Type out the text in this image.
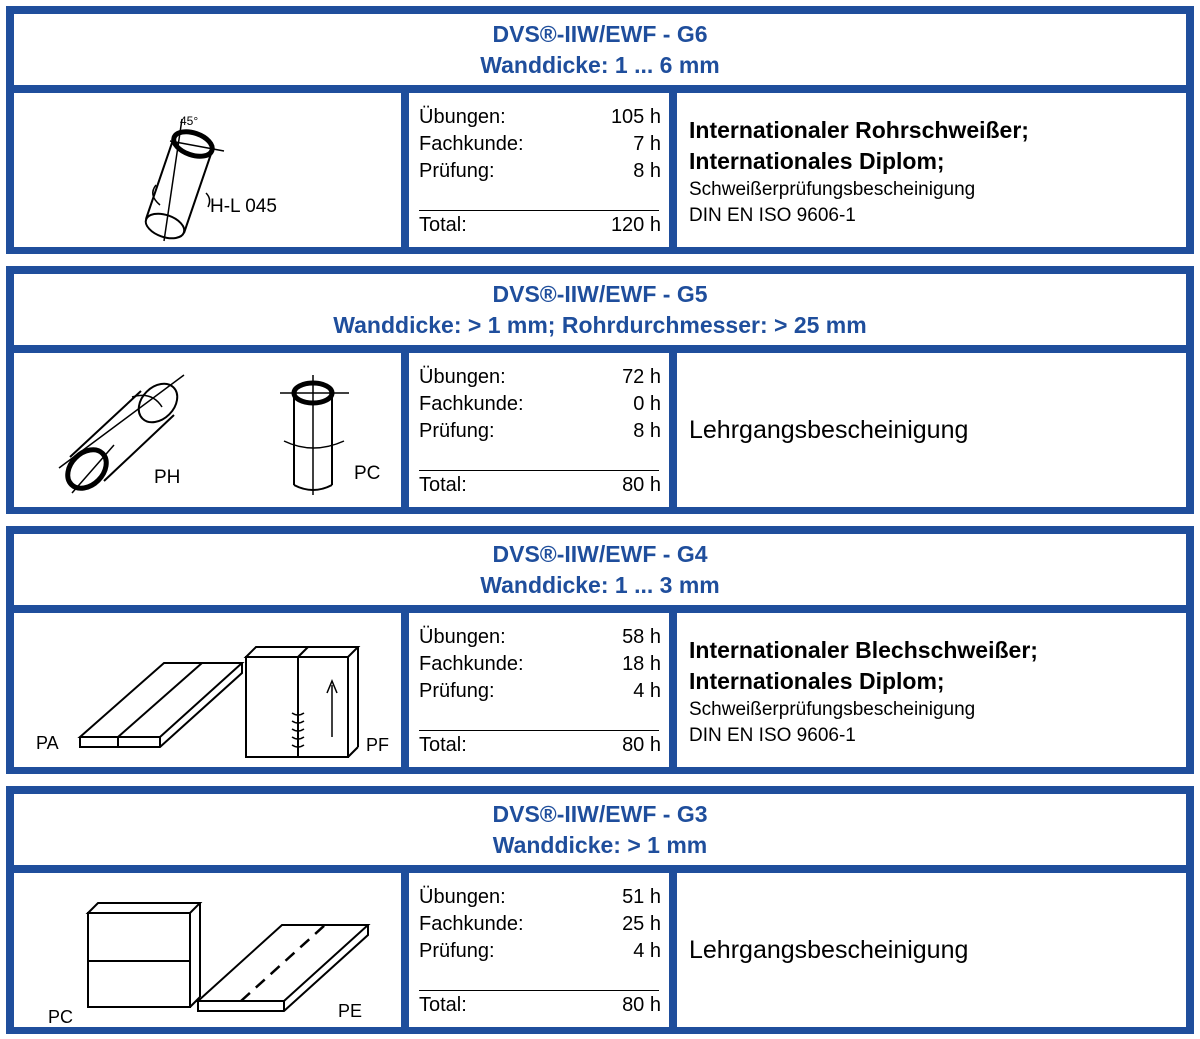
DVS®-IIW/EWF - G6
Wanddicke: 1 ... 6 mm
45°
H-L 045
Übungen:	105 h
Fachkunde:	7 h
Prüfung:	8 h
Total:	120 h
Internationaler Rohrschweißer;
Internationales Diplom;
Schweißerprüfungsbescheinigung
DIN EN ISO 9606-1
DVS®-IIW/EWF - G5
Wanddicke: > 1 mm; Rohrdurchmesser: > 25 mm
PH	PC
Übungen:	72 h
Fachkunde:	0 h
Prüfung:	8 h
Total:	80 h
Lehrgangsbescheinigung
DVS®-IIW/EWF - G4
Wanddicke: 1 ... 3 mm
PA	PF
Übungen:	58 h
Fachkunde:	18 h
Prüfung:	4 h
Total:	80 h
Internationaler Blechschweißer;
Internationales Diplom;
Schweißerprüfungsbescheinigung
DIN EN ISO 9606-1
DVS®-IIW/EWF - G3
Wanddicke: > 1 mm
PC	PE
Übungen:	51 h
Fachkunde:	25 h
Prüfung:	4 h
Total:	80 h
Lehrgangsbescheinigung
